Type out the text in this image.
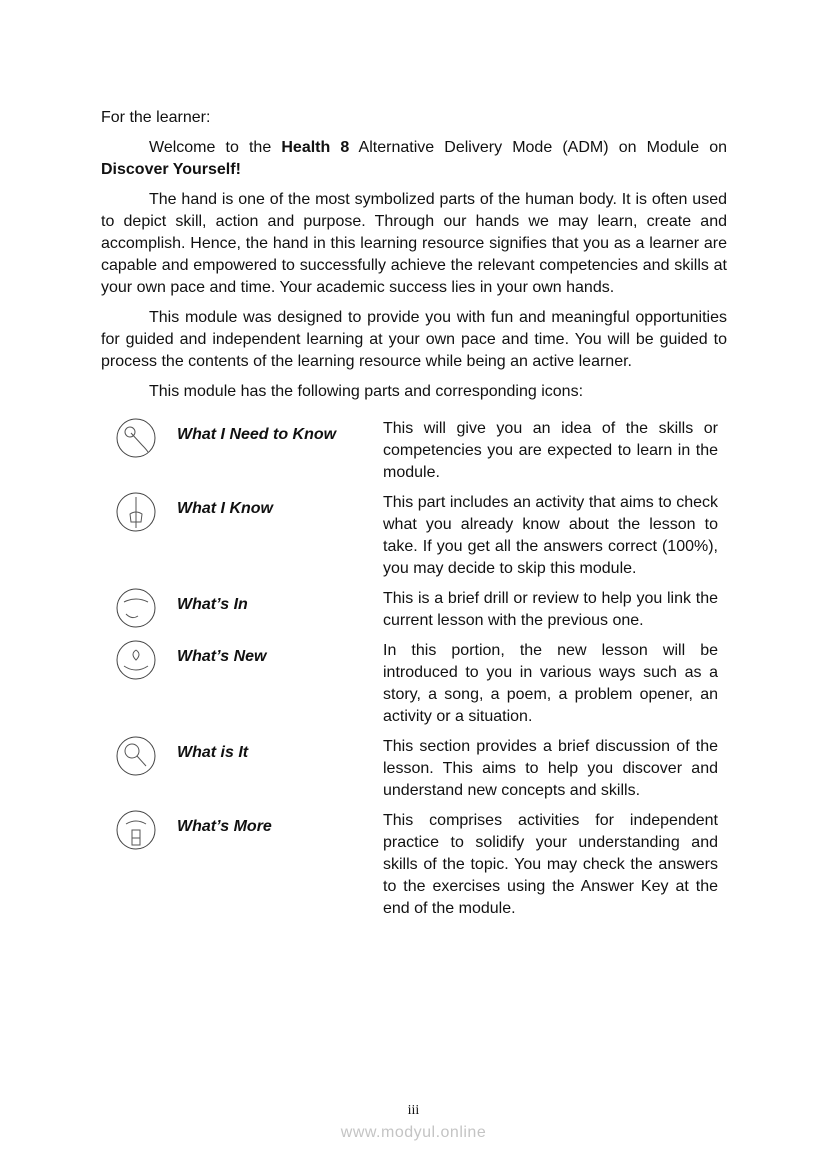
For the learner:
Welcome to the Health 8 Alternative Delivery Mode (ADM) on Module on Discover Yourself!
The hand is one of the most symbolized parts of the human body. It is often used to depict skill, action and purpose. Through our hands we may learn, create and accomplish. Hence, the hand in this learning resource signifies that you as a learner are capable and empowered to successfully achieve the relevant competencies and skills at your own pace and time. Your academic success lies in your own hands.
This module was designed to provide you with fun and meaningful opportunities for guided and independent learning at your own pace and time. You will be guided to process the contents of the learning resource while being an active learner.
This module has the following parts and corresponding icons:
What I Need to Know	This will give you an idea of the skills or competencies you are expected to learn in the module.
What I Know	This part includes an activity that aims to check what you already know about the lesson to take. If you get all the answers correct (100%), you may decide to skip this module.
What’s In	This is a brief drill or review to help you link the current lesson with the previous one.
What’s New	In this portion, the new lesson will be introduced to you in various ways such as a story, a song, a poem, a problem opener, an activity or a situation.
What is It	This section provides a brief discussion of the lesson. This aims to help you discover and understand new concepts and skills.
What’s More	This comprises activities for independent practice to solidify your understanding and skills of the topic. You may check the answers to the exercises using the Answer Key at the end of the module.
iii
www.modyul.online
